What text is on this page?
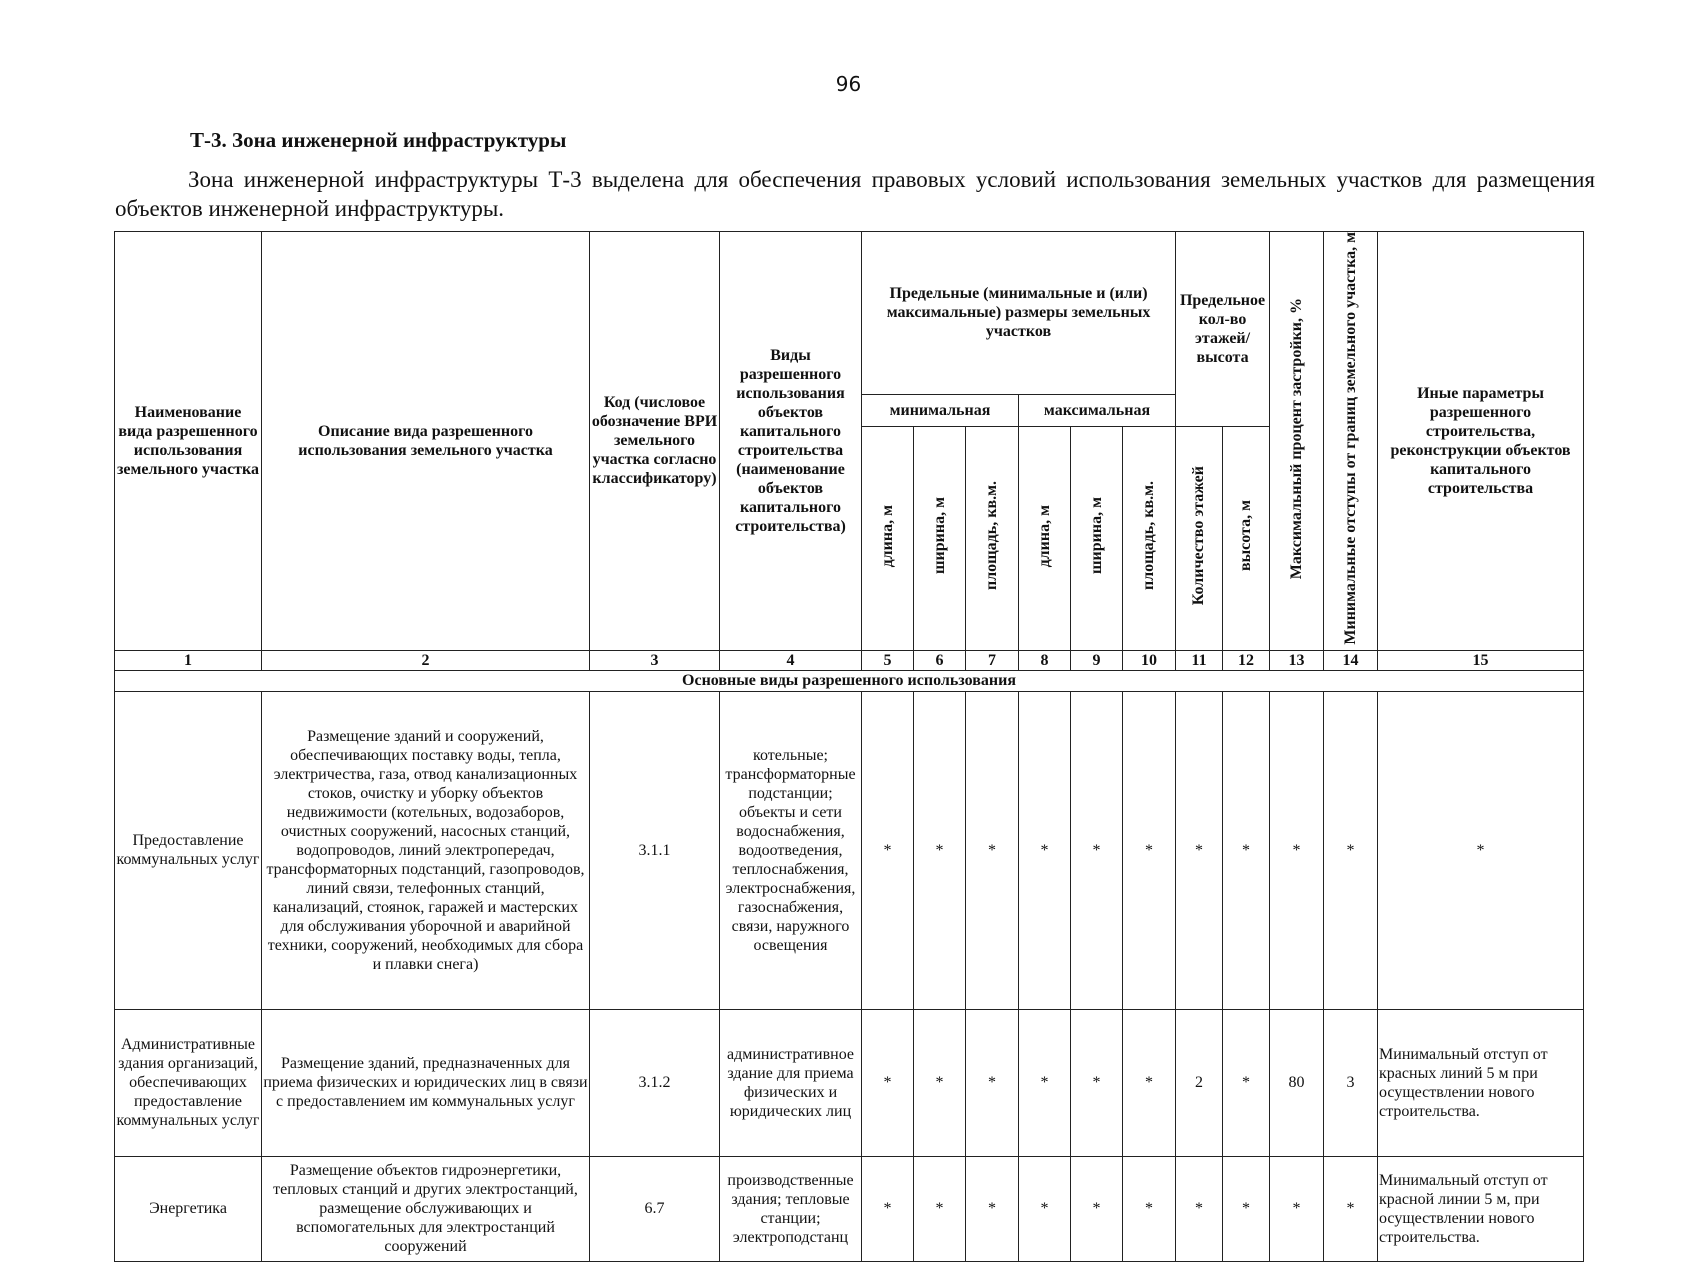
96
Т-3. Зона инженерной инфраструктуры
Зона инженерной инфраструктуры Т-3 выделена для обеспечения правовых условий использования земельных участков для размещения объектов инженерной инфраструктуры.
Наименование вида разрешенного использования земельного участка	Описание вида разрешенного использования земельного участка	Код (числовое обозначение ВРИ земельного участка согласно классификатору)	Виды разрешенного использования объектов капитального строительства (наименование объектов капитального строительства)	Предельные (минимальные и (или) максимальные) размеры земельных участков						Предельное кол-во этажей/ высота		Максимальный процент застройки, %	Минимальные отступы от границ земельного участка, м	Иные параметры разрешенного строительства, реконструкции объектов капитального строительства
				минимальная			максимальная							
				длина, м	ширина, м	площадь, кв.м.	длина, м	ширина, м	площадь, кв.м.	Количество этажей	высота, м			
1	2	3	4	5	6	7	8	9	10	11	12	13	14	15
Основные виды разрешенного использования														
Предоставление коммунальных услуг	Размещение зданий и сооружений, обеспечивающих поставку воды, тепла, электричества, газа, отвод канализационных стоков, очистку и уборку объектов недвижимости (котельных, водозаборов, очистных сооружений, насосных станций, водопроводов, линий электропередач, трансформаторных подстанций, газопроводов, линий связи, телефонных станций, канализаций, стоянок, гаражей и мастерских для обслуживания уборочной и аварийной техники, сооружений, необходимых для сбора и плавки снега)	3.1.1	котельные; трансформаторные подстанции; объекты и сети водоснабжения, водоотведения, теплоснабжения, электроснабжения, газоснабжения, связи, наружного освещения	*	*	*	*	*	*	*	*	*	*	*
Административные здания организаций, обеспечивающих предоставление коммунальных услуг	Размещение зданий, предназначенных для приема физических и юридических лиц в связи с предоставлением им коммунальных услуг	3.1.2	административное здание для приема физических и юридических лиц	*	*	*	*	*	*	2	*	80	3	Минимальный отступ от красных линий 5 м при осуществлении нового строительства.
Энергетика	Размещение объектов гидроэнергетики, тепловых станций и других электростанций, размещение обслуживающих и вспомогательных для электростанций сооружений	6.7	производственные здания; тепловые станции; электроподстанц	*	*	*	*	*	*	*	*	*	*	Минимальный отступ от красной линии 5 м, при осуществлении нового строительства.
